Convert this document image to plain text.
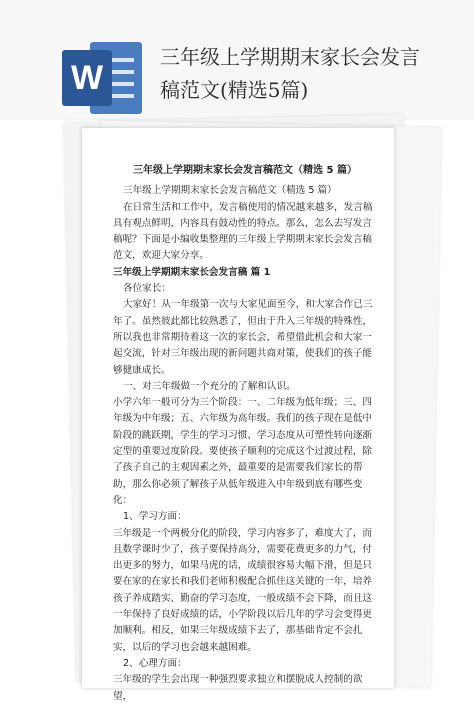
W
三年级上学期期末家长会发言
稿范文(精选5篇)

三年级上学期期末家长会发言稿范文（精选 5 篇）

三年级上学期期末家长会发言稿范文（精选 5 篇）

在日常生活和工作中，发言稿使用的情况越来越多，发言稿具有观点鲜明，内容具有鼓动性的特点。那么，怎么去写发言稿呢？下面是小编收集整理的三年级上学期期末家长会发言稿范文，欢迎大家分享。

三年级上学期期末家长会发言稿 篇 1

各位家长：

大家好！从一年级第一次与大家见面至今，和大家合作已三年了。虽然彼此都比较熟悉了，但由于升入三年级的特殊性，所以我也非常期待着这一次的家长会，希望借此机会和大家一起交流，针对三年级出现的新问题共商对策，使我们的孩子能够健康成长。

一、对三年级做一个充分的了解和认识。

小学六年一般可分为三个阶段：一、二年级为低年级；三、四年级为中年级；五、六年级为高年级。我们的孩子现在是低中阶段的跳跃期，学生的学习习惯、学习态度从可塑性转向逐渐定型的重要过度阶段。要使孩子顺利的完成这个过渡过程，除了孩子自己的主观因素之外，最重要的是需要我们家长的帮助，那么你必须了解孩子从低年级进入中年级到底有哪些变化：

1、学习方面：

三年级是一个两极分化的阶段，学习内容多了，难度大了，而且数学课时少了，孩子要保持高分，需要花费更多的力气，付出更多的努力，如果马虎的话，成绩很容易大幅下滑，但是只要在家的在家长和我们老师积极配合抓住这关键的一年，培养孩子养成踏实、勤奋的学习态度，一般成绩不会下降，而且这一年保持了良好成绩的话，小学阶段以后几年的学习会变得更加顺利。相反，如果三年级成绩下去了，那基础肯定不会扎实，以后的学习也会越来越困难。

2、心理方面：

三年级的学生会出现一种强烈要求独立和摆脱成人控制的欲望，
